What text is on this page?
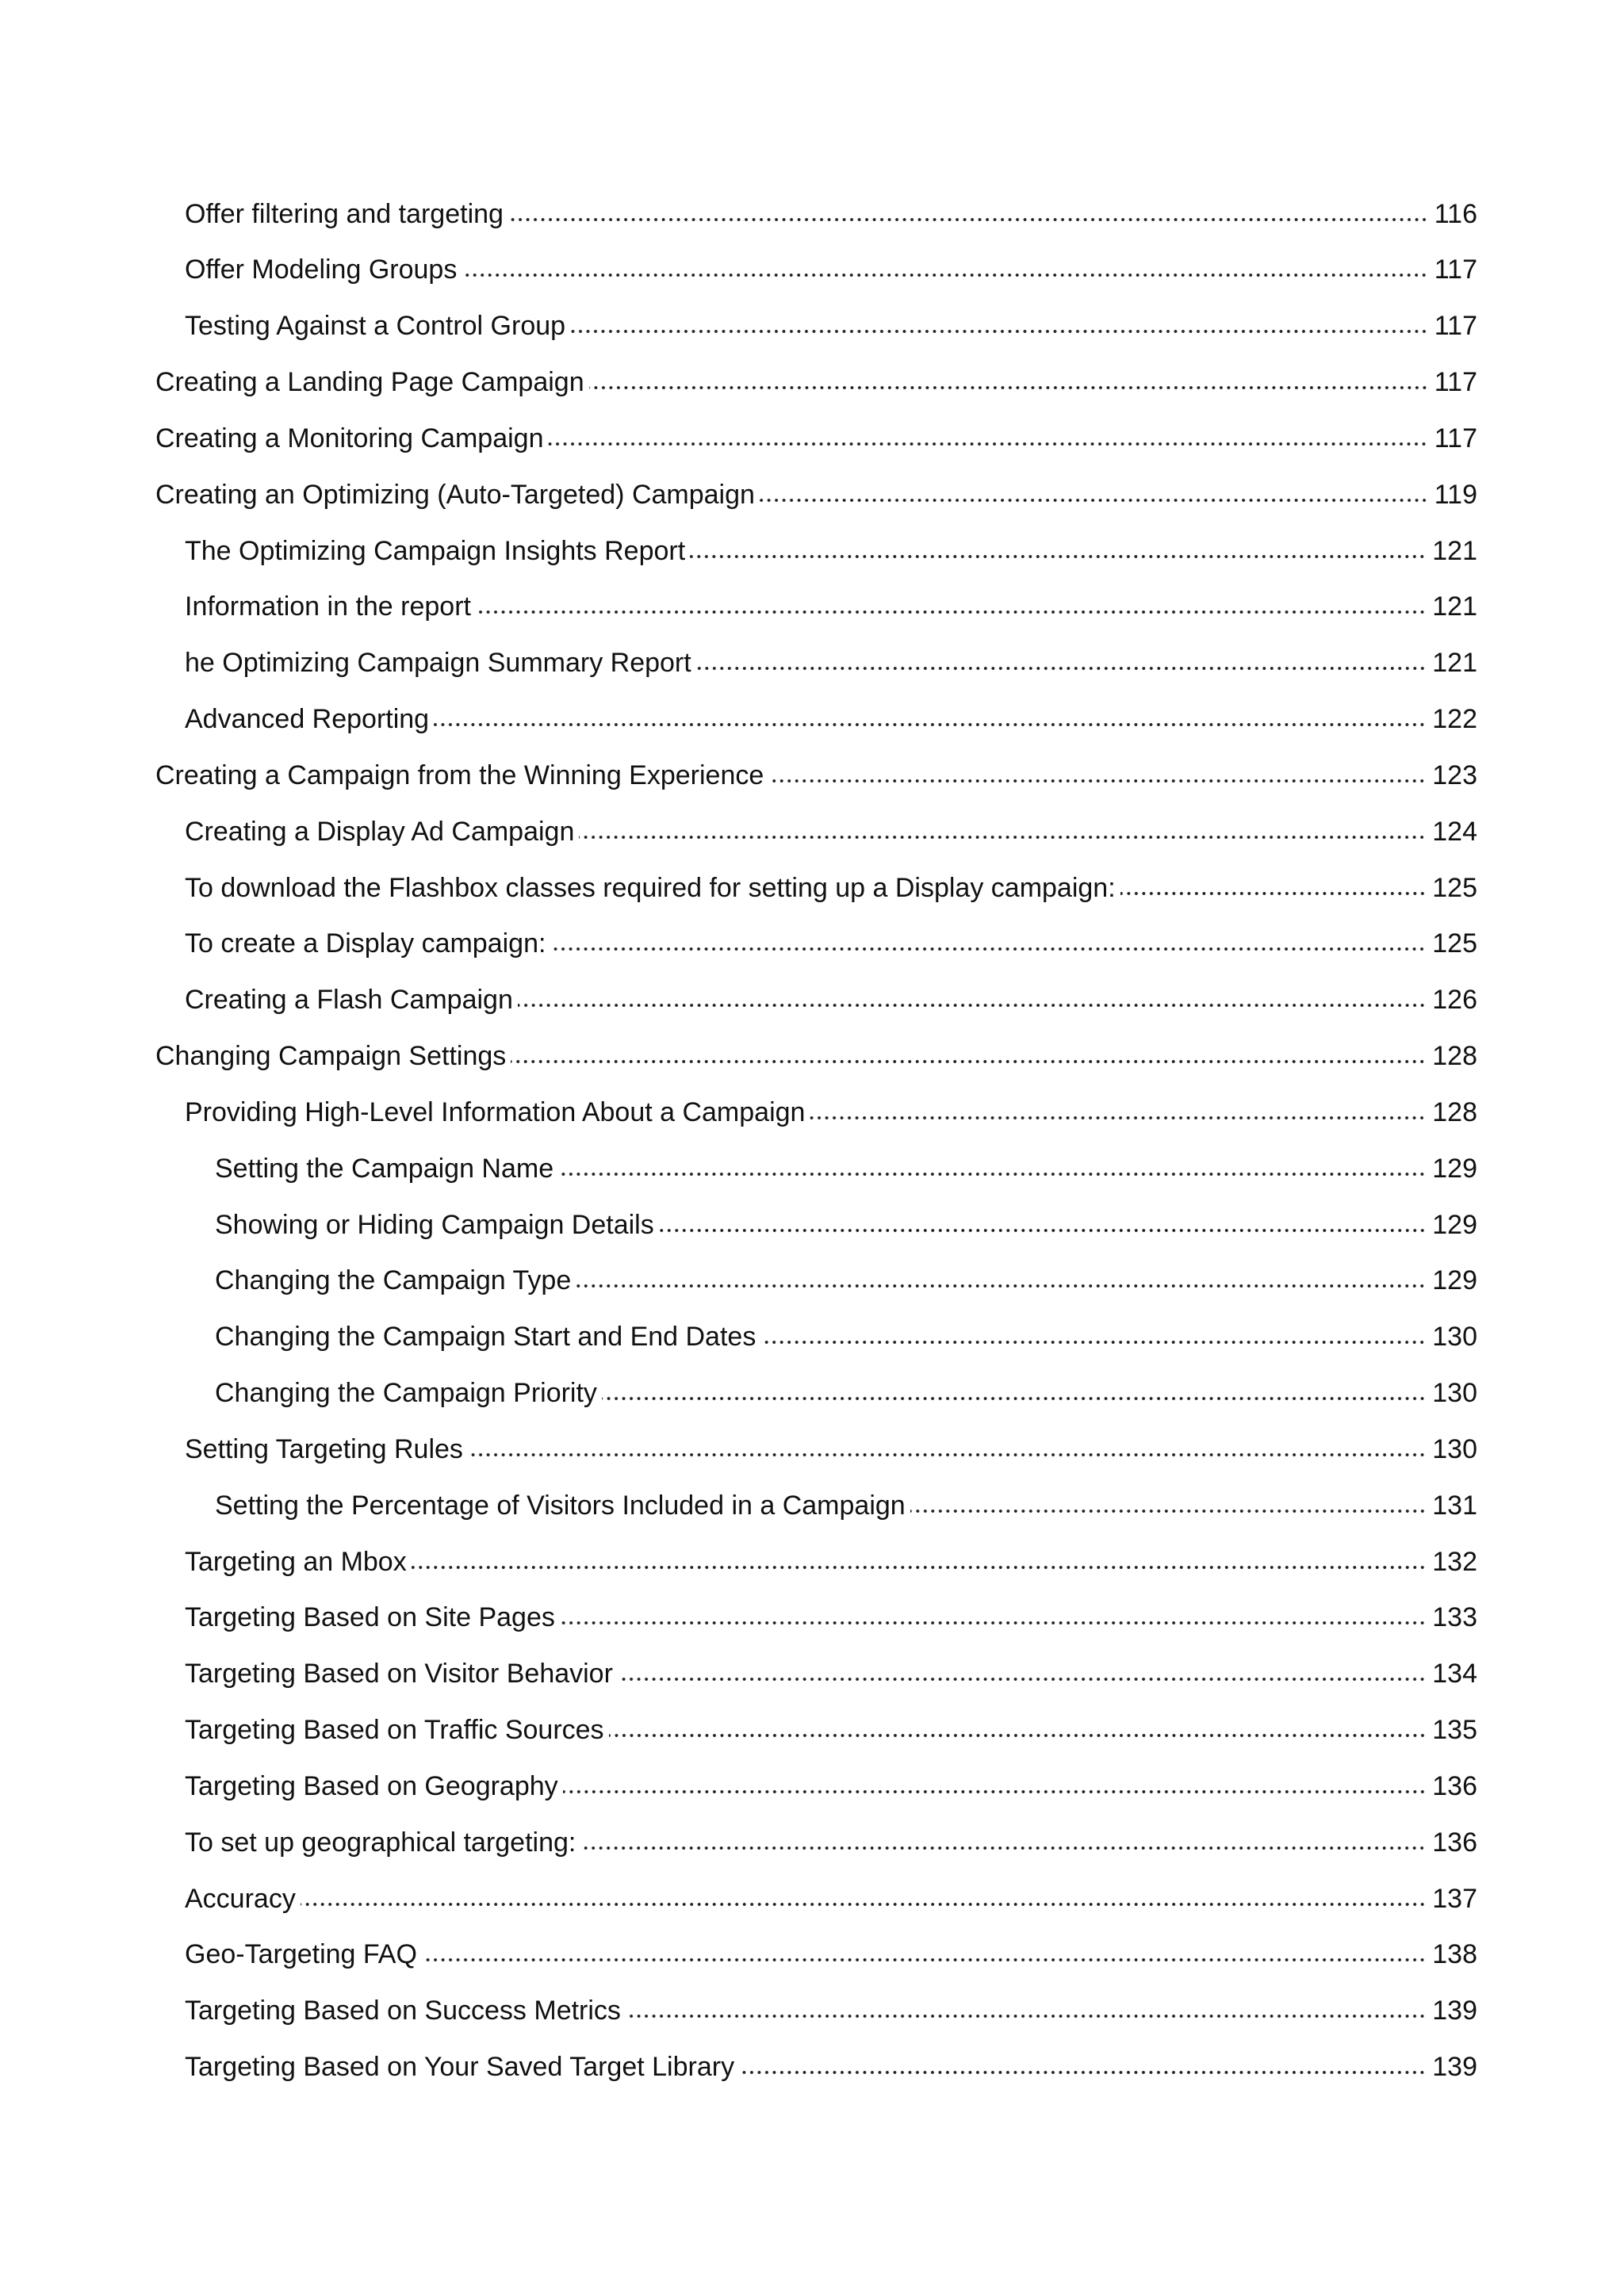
Offer filtering and targeting	116
Offer Modeling Groups	117
Testing Against a Control Group	117
Creating a Landing Page Campaign	117
Creating a Monitoring Campaign	117
Creating an Optimizing (Auto-Targeted) Campaign	119
The Optimizing Campaign Insights Report	121
Information in the report	121
he Optimizing Campaign Summary Report	121
Advanced Reporting	122
Creating a Campaign from the Winning Experience	123
Creating a Display Ad Campaign	124
To download the Flashbox classes required for setting up a Display campaign:	125
To create a Display campaign:	125
Creating a Flash Campaign	126
Changing Campaign Settings	128
Providing High-Level Information About a Campaign	128
Setting the Campaign Name	129
Showing or Hiding Campaign Details	129
Changing the Campaign Type	129
Changing the Campaign Start and End Dates	130
Changing the Campaign Priority	130
Setting Targeting Rules	130
Setting the Percentage of Visitors Included in a Campaign	131
Targeting an Mbox	132
Targeting Based on Site Pages	133
Targeting Based on Visitor Behavior	134
Targeting Based on Traffic Sources	135
Targeting Based on Geography	136
To set up geographical targeting:	136
Accuracy	137
Geo-Targeting FAQ	138
Targeting Based on Success Metrics	139
Targeting Based on Your Saved Target Library	139
